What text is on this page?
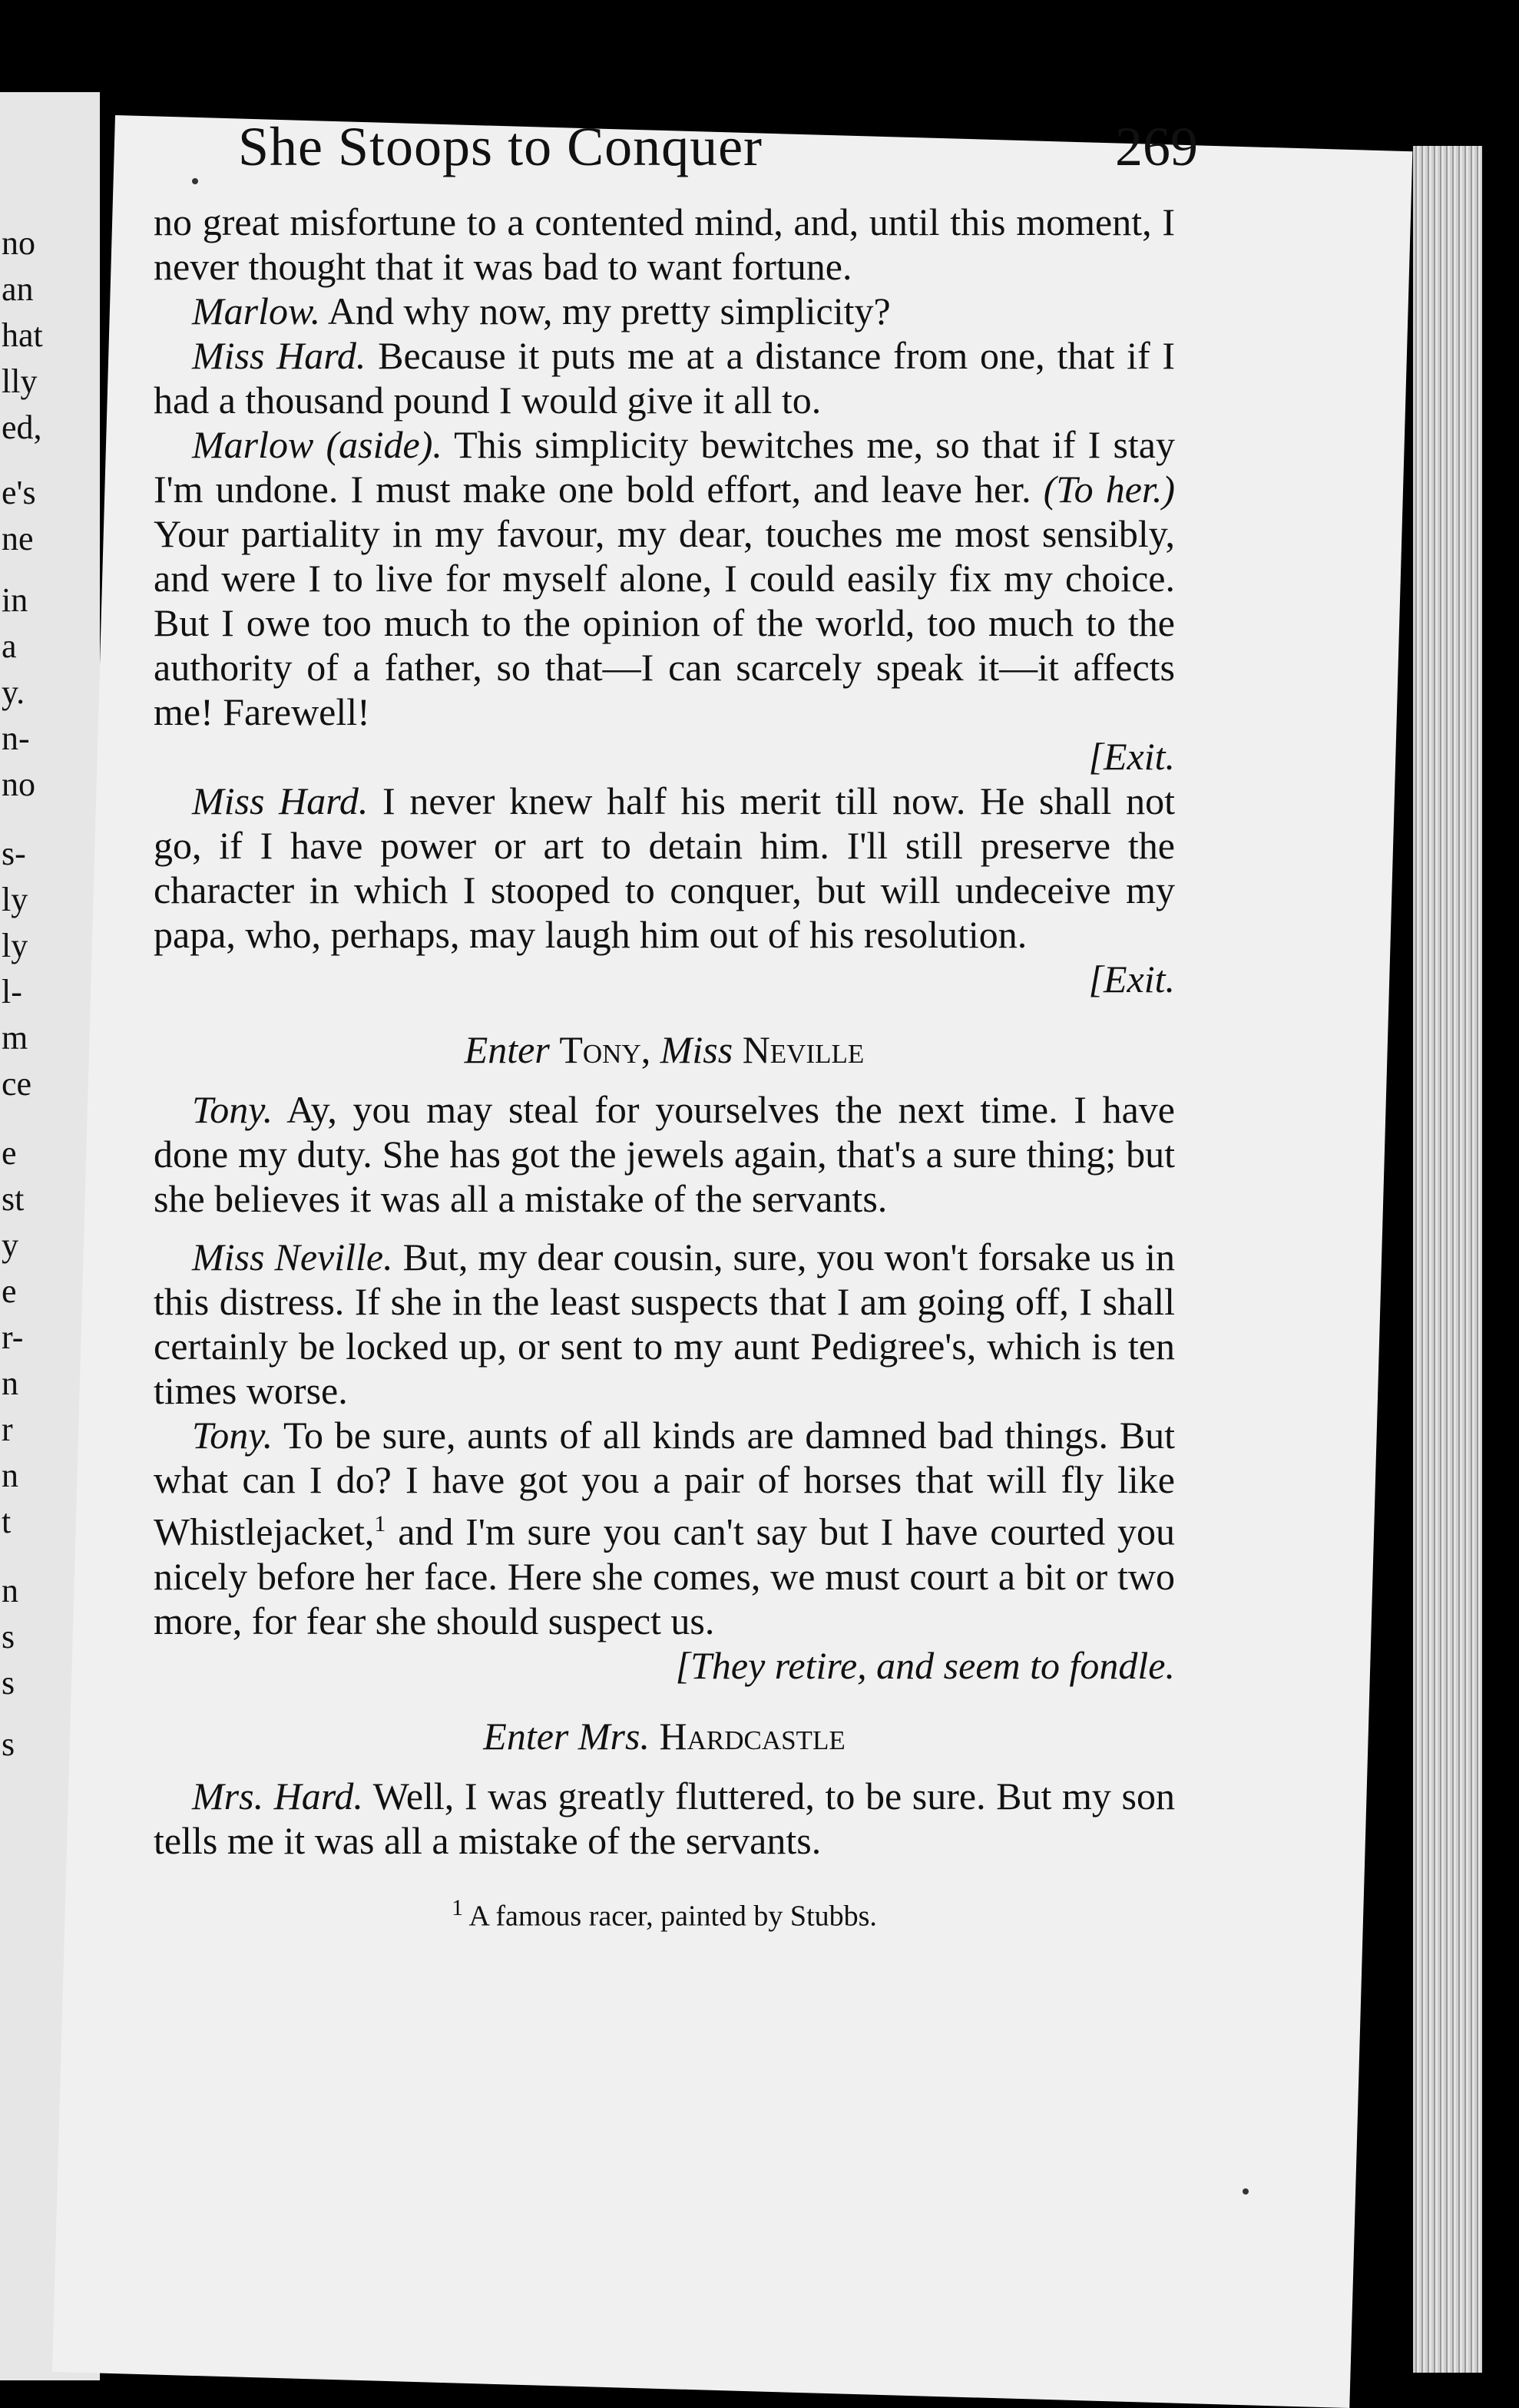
no
an
hat
lly
ed,
e's
ne
in
a
y.
n-
no
s-
ly
ly
l-
m
ce
e
st
y
e
r-
n
r
n
t
n
s
s
s
She Stoops to Conquer	269

no great misfortune to a contented mind, and, until this moment, I never thought that it was bad to want fortune.

Marlow. And why now, my pretty simplicity?

Miss Hard. Because it puts me at a distance from one, that if I had a thousand pound I would give it all to.

Marlow (aside). This simplicity bewitches me, so that if I stay I'm undone. I must make one bold effort, and leave her. (To her.) Your partiality in my favour, my dear, touches me most sensibly, and were I to live for myself alone, I could easily fix my choice. But I owe too much to the opinion of the world, too much to the authority of a father, so that—I can scarcely speak it—it affects me! Farewell!
[Exit.

Miss Hard. I never knew half his merit till now. He shall not go, if I have power or art to detain him. I'll still preserve the character in which I stooped to conquer, but will undeceive my papa, who, perhaps, may laugh him out of his resolution.
[Exit.

Enter Tony, Miss Neville

Tony. Ay, you may steal for yourselves the next time. I have done my duty. She has got the jewels again, that's a sure thing; but she believes it was all a mistake of the servants.

Miss Neville. But, my dear cousin, sure, you won't forsake us in this distress. If she in the least suspects that I am going off, I shall certainly be locked up, or sent to my aunt Pedigree's, which is ten times worse.

Tony. To be sure, aunts of all kinds are damned bad things. But what can I do? I have got you a pair of horses that will fly like Whistlejacket,$^1$ and I'm sure you can't say but I have courted you nicely before her face. Here she comes, we must court a bit or two more, for fear she should suspect us.
[They retire, and seem to fondle.

Enter Mrs. Hardcastle

Mrs. Hard. Well, I was greatly fluttered, to be sure. But my son tells me it was all a mistake of the servants.

$^1$ A famous racer, painted by Stubbs.
